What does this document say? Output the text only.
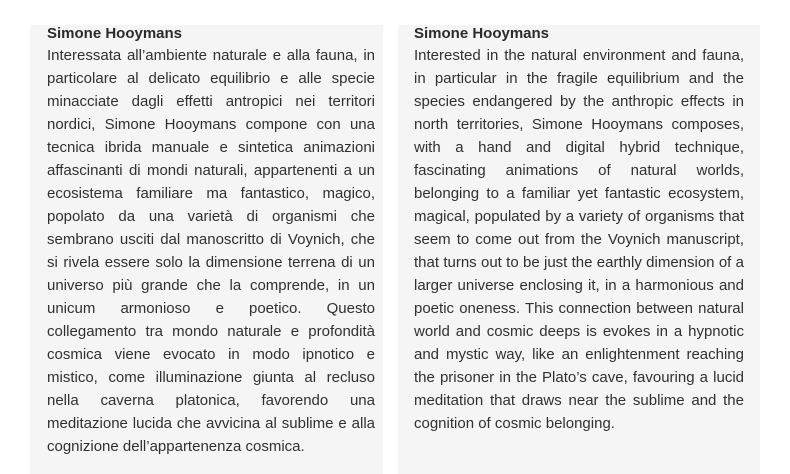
Simone Hooymans

Interessata all’ambiente naturale e alla fauna, in particolare al delicato equilibrio e alle specie minacciate dagli effetti antropici nei territori nordici, Simone Hooymans compone con una tecnica ibrida manuale e sintetica animazioni affascinanti di mondi naturali, appartenenti a un ecosistema familiare ma fantastico, magico, popolato da una varietà di organismi che sembrano usciti dal manoscritto di Voynich, che si rivela essere solo la dimensione terrena di un universo più grande che la comprende, in un unicum armonioso e poetico. Questo collegamento tra mondo naturale e profondità cosmica viene evocato in modo ipnotico e mistico, come illuminazione giunta al recluso nella caverna platonica, favorendo una meditazione lucida che avvicina al sublime e alla cognizione dell’appartenenza cosmica.

Simone Hooymans

Interested in the natural environment and fauna, in particular in the fragile equilibrium and the species endangered by the anthropic effects in north territories, Simone Hooymans composes, with a hand and digital hybrid technique, fascinating animations of natural worlds, belonging to a familiar yet fantastic ecosystem, magical, populated by a variety of organisms that seem to come out from the Voynich manuscript, that turns out to be just the earthly dimension of a larger universe enclosing it, in a harmonious and poetic oneness. This connection between natural world and cosmic deeps is evokes in a hypnotic and mystic way, like an enlightenment reaching the prisoner in the Plato’s cave, favouring a lucid meditation that draws near the sublime and the cognition of cosmic belonging.
